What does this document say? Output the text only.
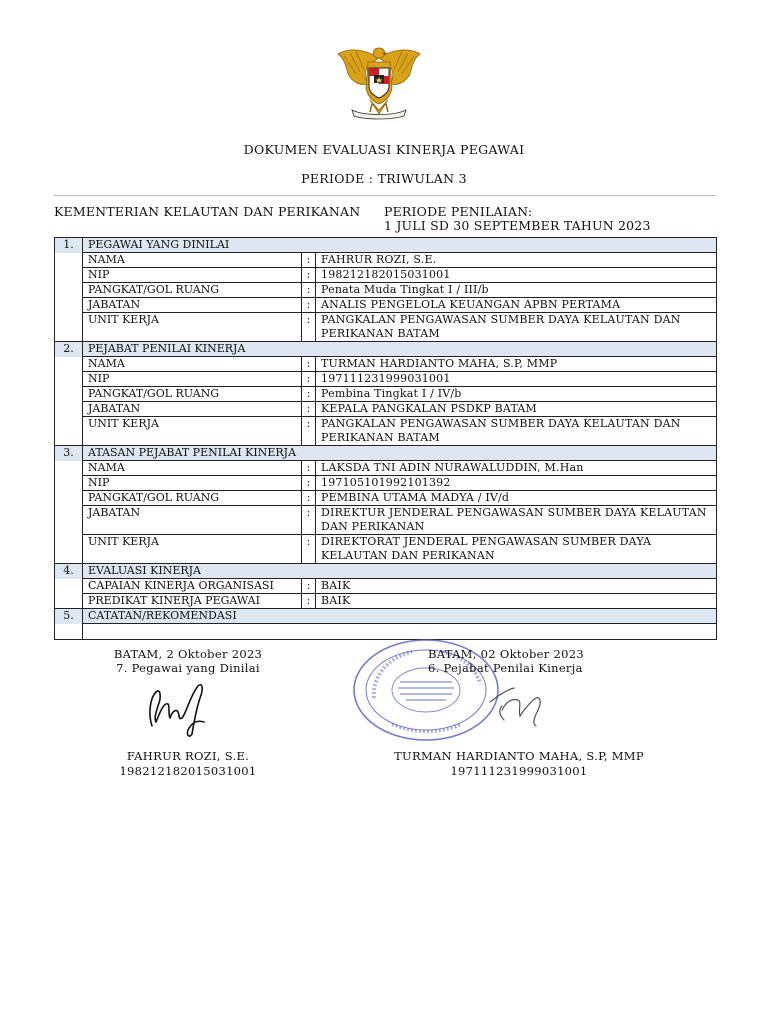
DOKUMEN EVALUASI KINERJA PEGAWAI
PERIODE : TRIWULAN 3
KEMENTERIAN KELAUTAN DAN PERIKANAN PERIODE PENILAIAN:
1 JULI SD 30 SEPTEMBER TAHUN 2023
1.	PEGAWAI YANG DINILAI		
	NAMA	:	FAHRUR ROZI, S.E.
	NIP	:	198212182015031001
	PANGKAT/GOL RUANG	:	Penata Muda Tingkat I / III/b
	JABATAN	:	ANALIS PENGELOLA KEUANGAN APBN PERTAMA
	UNIT KERJA	:	PANGKALAN PENGAWASAN SUMBER DAYA KELAUTAN DAN PERIKANAN BATAM
2.	PEJABAT PENILAI KINERJA		
	NAMA	:	TURMAN HARDIANTO MAHA, S.P, MMP
	NIP	:	197111231999031001
	PANGKAT/GOL RUANG	:	Pembina Tingkat I / IV/b
	JABATAN	:	KEPALA PANGKALAN PSDKP BATAM
	UNIT KERJA	:	PANGKALAN PENGAWASAN SUMBER DAYA KELAUTAN DAN PERIKANAN BATAM
3.	ATASAN PEJABAT PENILAI KINERJA		
	NAMA	:	LAKSDA TNI ADIN NURAWALUDDIN, M.Han
	NIP	:	197105101992101392
	PANGKAT/GOL RUANG	:	PEMBINA UTAMA MADYA / IV/d
	JABATAN	:	DIREKTUR JENDERAL PENGAWASAN SUMBER DAYA KELAUTAN DAN PERIKANAN
	UNIT KERJA	:	DIREKTORAT JENDERAL PENGAWASAN SUMBER DAYA KELAUTAN DAN PERIKANAN
4.	EVALUASI KINERJA		
	CAPAIAN KINERJA ORGANISASI	:	BAIK
	PREDIKAT KINERJA PEGAWAI	:	BAIK
5.	CATATAN/REKOMENDASI		

BATAM, 2 Oktober 2023
7. Pegawai yang Dinilai
FAHRUR ROZI, S.E.
198212182015031001
BATAM, 02 Oktober 2023
6. Pejabat Penilai Kinerja
TURMAN HARDIANTO MAHA, S.P, MMP
197111231999031001
